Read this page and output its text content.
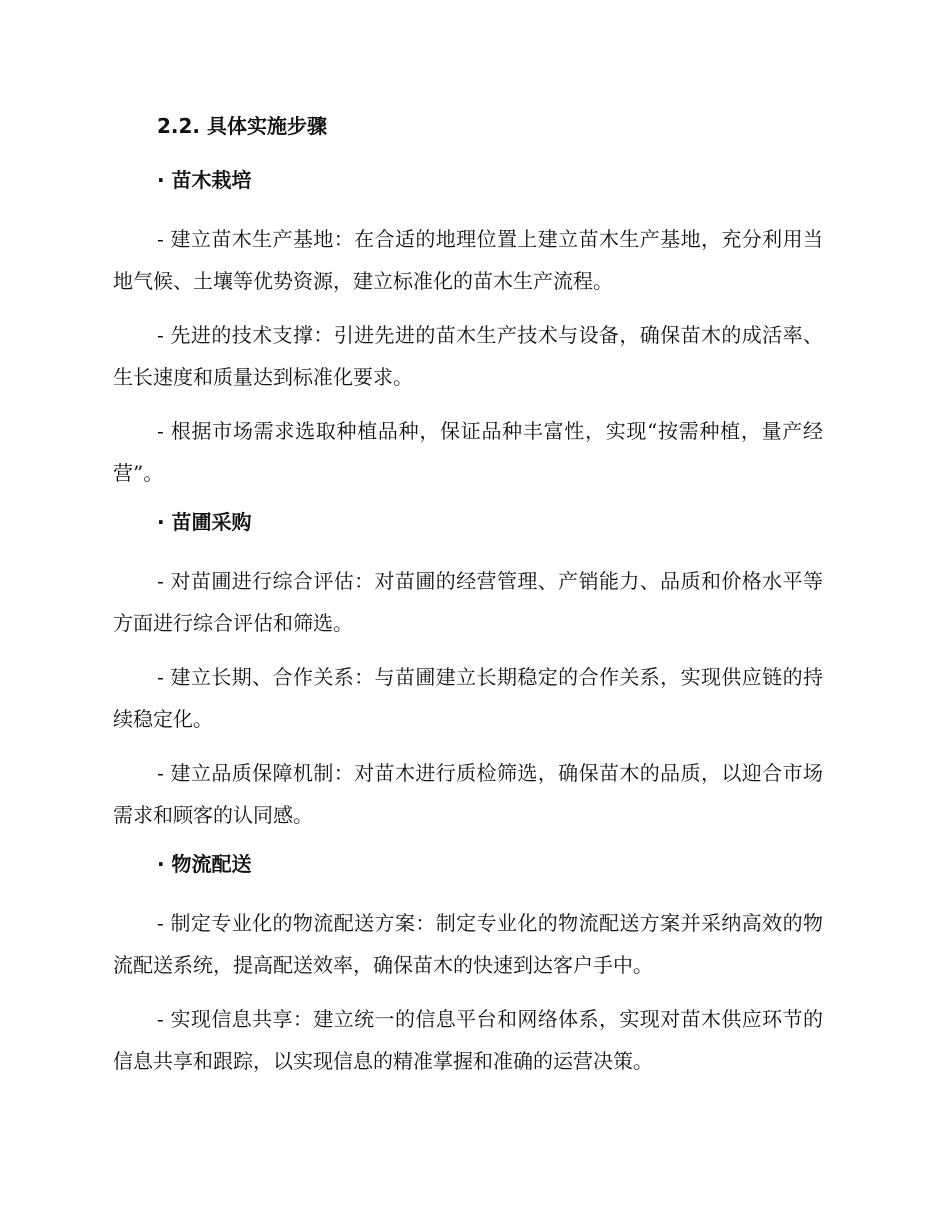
2.2. 具体实施步骤
· 苗木栽培

- 建立苗木生产基地：在合适的地理位置上建立苗木生产基地，充分利用当地气候、土壤等优势资源，建立标准化的苗木生产流程。

- 先进的技术支撑：引进先进的苗木生产技术与设备，确保苗木的成活率、生长速度和质量达到标准化要求。

- 根据市场需求选取种植品种，保证品种丰富性，实现“按需种植，量产经营”。

· 苗圃采购

- 对苗圃进行综合评估：对苗圃的经营管理、产销能力、品质和价格水平等方面进行综合评估和筛选。

- 建立长期、合作关系：与苗圃建立长期稳定的合作关系，实现供应链的持续稳定化。

- 建立品质保障机制：对苗木进行质检筛选，确保苗木的品质，以迎合市场需求和顾客的认同感。

· 物流配送

- 制定专业化的物流配送方案：制定专业化的物流配送方案并采纳高效的物流配送系统，提高配送效率，确保苗木的快速到达客户手中。

- 实现信息共享：建立统一的信息平台和网络体系，实现对苗木供应环节的信息共享和跟踪，以实现信息的精准掌握和准确的运营决策。
